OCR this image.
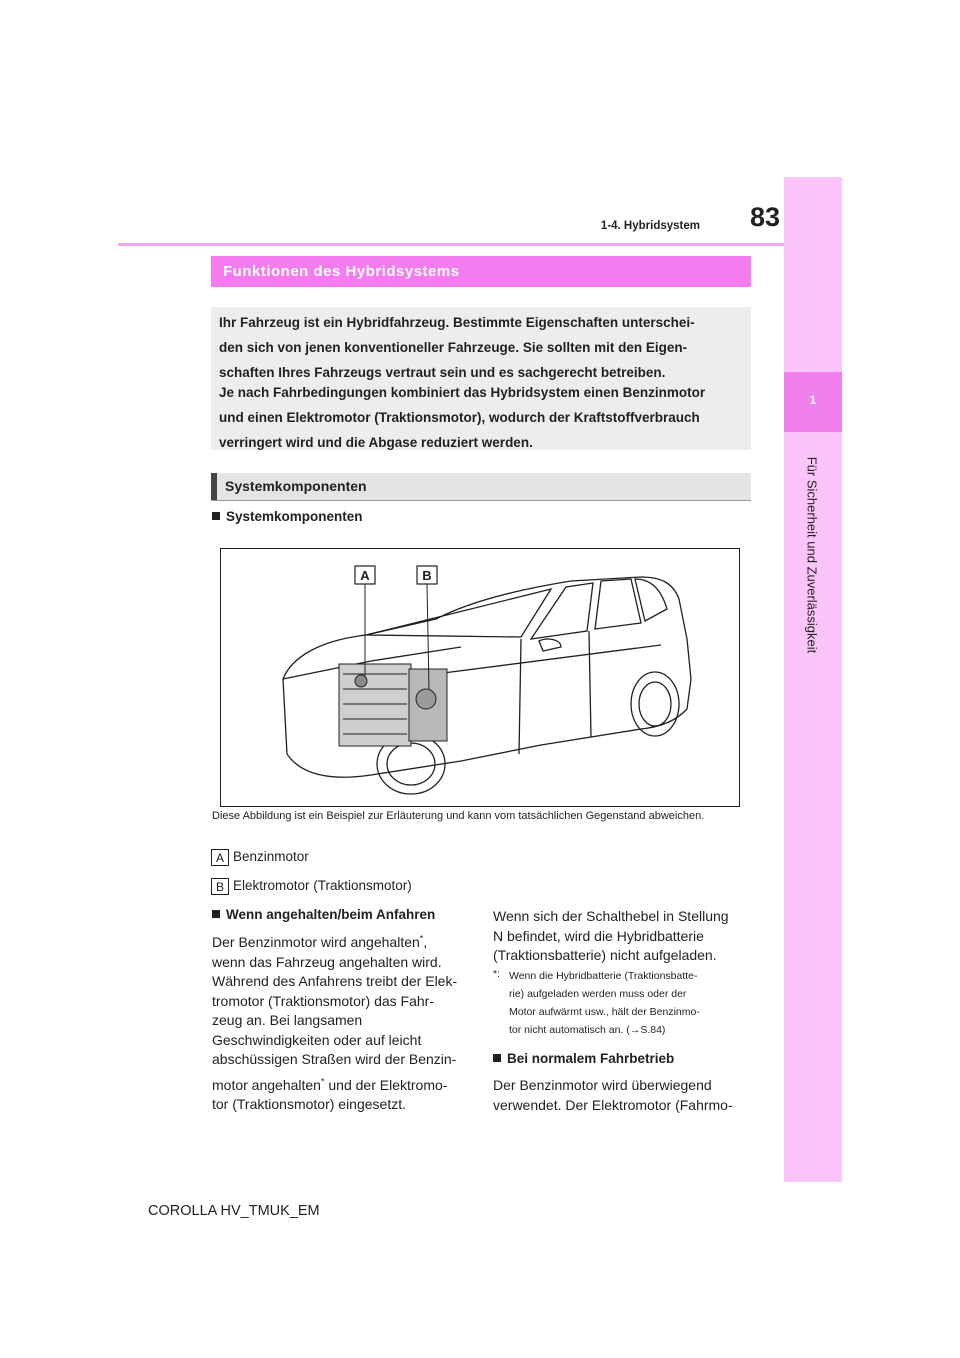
83
1-4. Hybridsystem
1
Für Sicherheit und Zuverlässigkeit
Funktionen des Hybridsystems

Ihr Fahrzeug ist ein Hybridfahrzeug. Bestimmte Eigenschaften unterschei-

den sich von jenen konventioneller Fahrzeuge. Sie sollten mit den Eigen-

schaften Ihres Fahrzeugs vertraut sein und es sachgerecht betreiben.

Je nach Fahrbedingungen kombiniert das Hybridsystem einen Benzinmotor

und einen Elektromotor (Traktionsmotor), wodurch der Kraftstoffverbrauch

verringert wird und die Abgase reduziert werden.

Systemkomponenten
Systemkomponenten
A	B
Diese Abbildung ist ein Beispiel zur Erläuterung und kann vom tatsächlichen Gegenstand abweichen.
A Benzinmotor
B Elektromotor (Traktionsmotor)
Wenn angehalten/beim Anfahren
Der Benzinmotor wird angehalten*,
wenn das Fahrzeug angehalten wird.
Während des Anfahrens treibt der Elek-
tromotor (Traktionsmotor) das Fahr-
zeug an. Bei langsamen
Geschwindigkeiten oder auf leicht
abschüssigen Straßen wird der Benzin-
motor angehalten* und der Elektromo-
tor (Traktionsmotor) eingesetzt.
Wenn sich der Schalthebel in Stellung
N befindet, wird die Hybridbatterie
(Traktionsbatterie) nicht aufgeladen.
*: Wenn die Hybridbatterie (Traktionsbatte-
rie) aufgeladen werden muss oder der
Motor aufwärmt usw., hält der Benzinmo-
tor nicht automatisch an. (→S.84)
Bei normalem Fahrbetrieb
Der Benzinmotor wird überwiegend
verwendet. Der Elektromotor (Fahrmo-
COROLLA HV_TMUK_EM
